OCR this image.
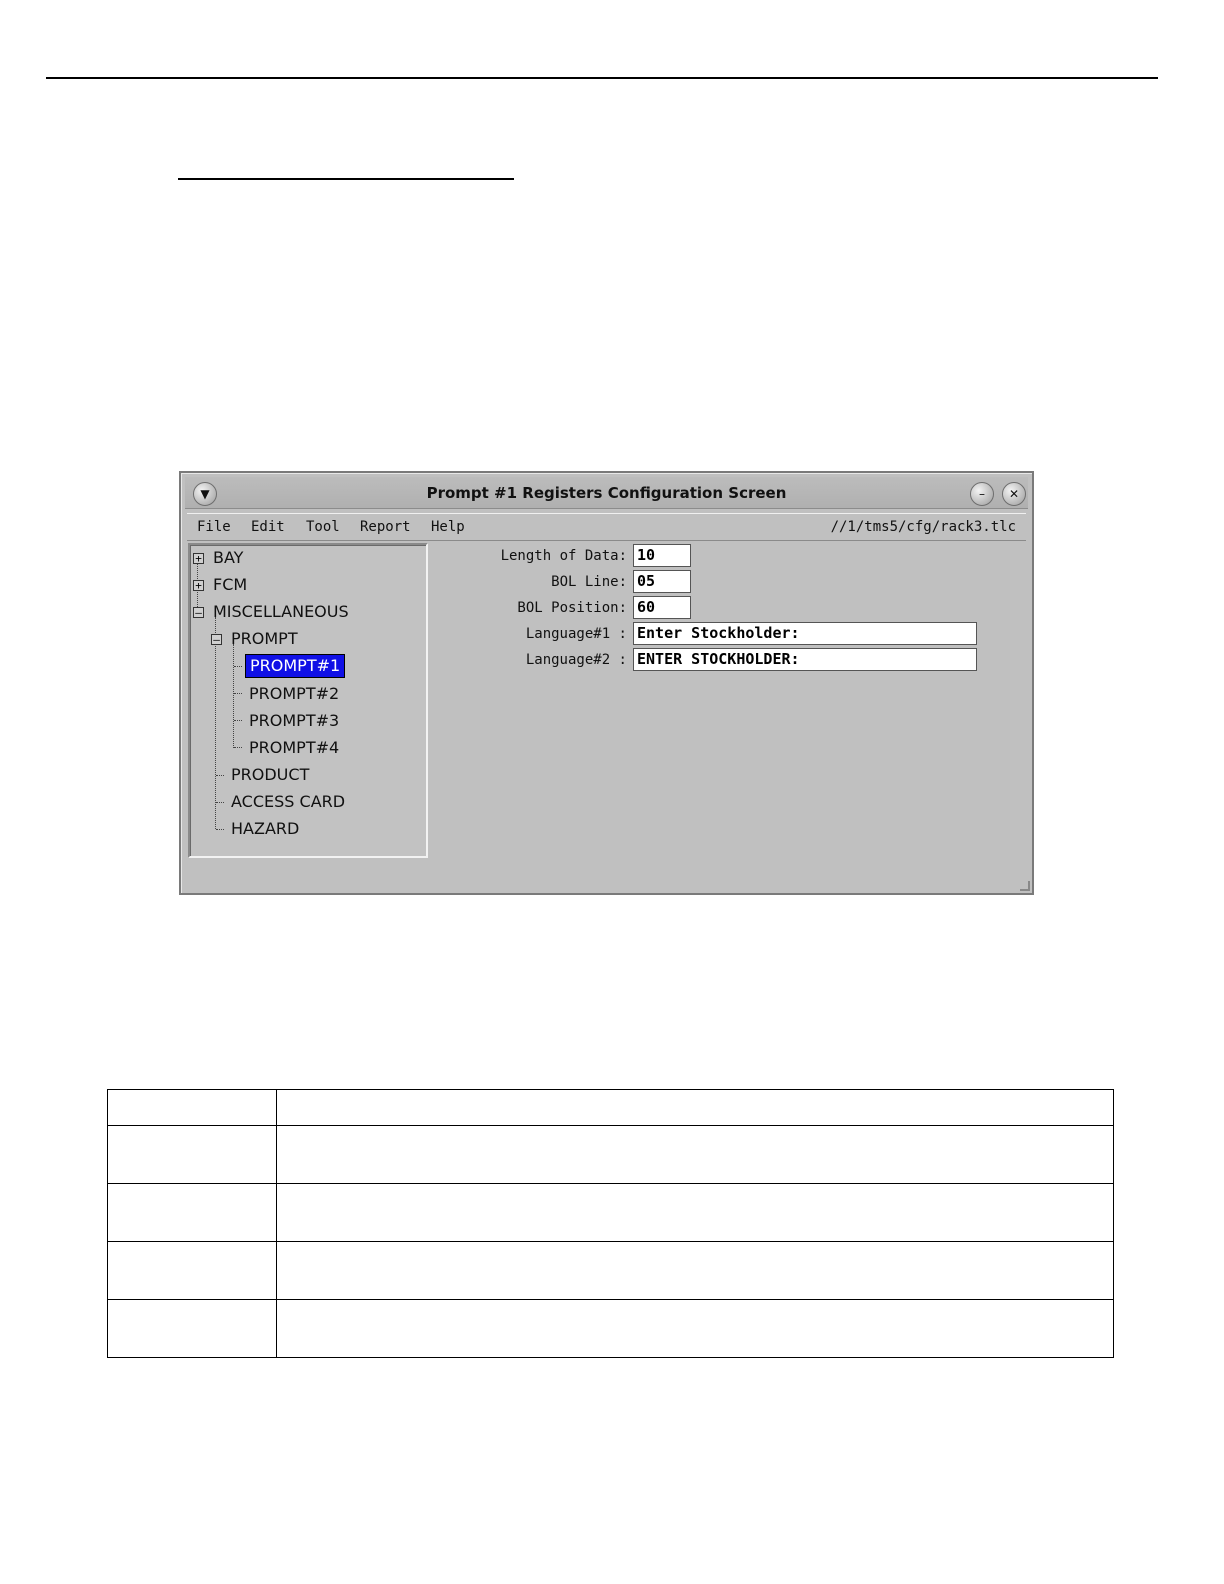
▼	Prompt #1 Registers Configuration Screen	–	✕
File Edit Tool Report Help	//1/tms5/cfg/rack3.tlc
+
+
–
–
BAY
FCM
MISCELLANEOUS
PROMPT
PROMPT#1
PROMPT#2
PROMPT#3
PROMPT#4
PRODUCT
ACCESS CARD
HAZARD
Length of Data: 10
BOL Line: 05
BOL Position: 60
Language#1 : Enter Stockholder:
Language#2 : ENTER STOCKHOLDER:
